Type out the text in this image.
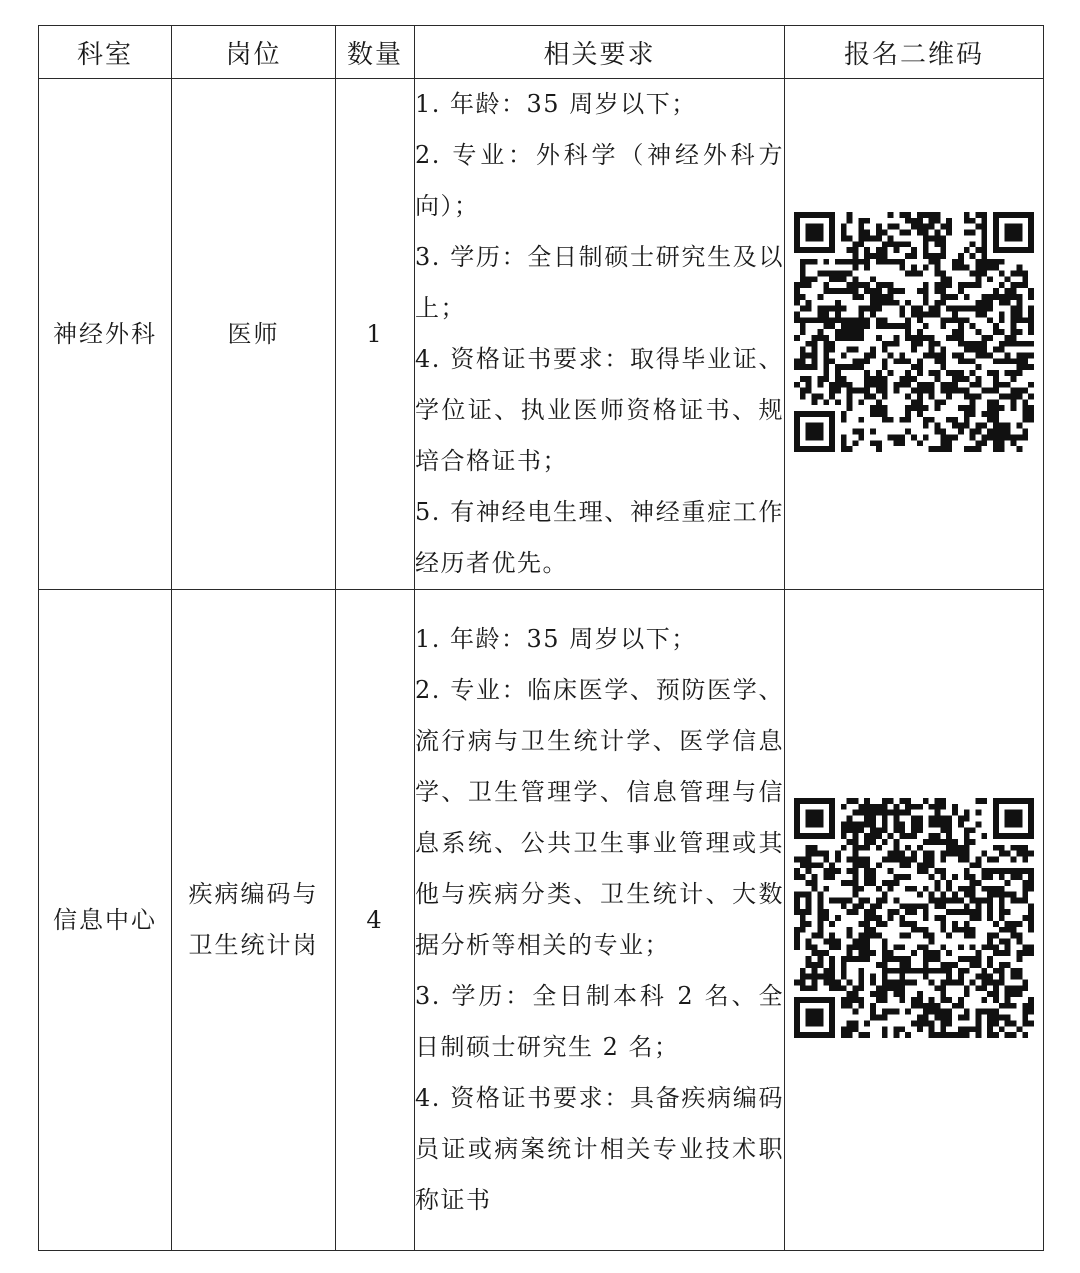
科室	岗位	数量	相关要求	报名二维码
神经外科	医师	1	1. 年龄：35 周岁以下；
2. 专业：外科学（神经外科方向）；
3. 学历：全日制硕士研究生及以上；
4. 资格证书要求：取得毕业证、学位证、执业医师资格证书、规培合格证书；
5. 有神经电生理、神经重症工作经历者优先。

信息中心	疾病编码与卫生统计岗	4	1. 年龄：35 周岁以下；
2. 专业：临床医学、预防医学、流行病与卫生统计学、医学信息学、卫生管理学、信息管理与信息系统、公共卫生事业管理或其他与疾病分类、卫生统计、大数据分析等相关的专业；
3. 学历：全日制本科 2 名、全日制硕士研究生 2 名；
4. 资格证书要求：具备疾病编码员证或病案统计相关专业技术职称证书
